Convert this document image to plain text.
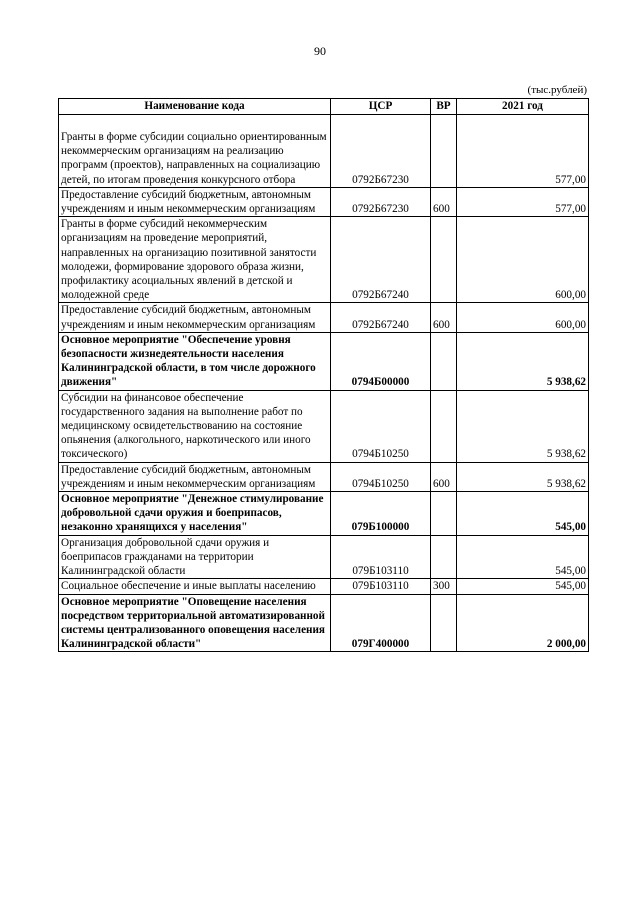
90
(тыс.рублей)
Наименование кода	ЦСР	ВР	2021 год
Гранты в форме субсидии социально ориентированным некоммерческим организациям на реализацию программ (проектов), направленных на социализацию детей, по итогам проведения конкурсного отбора	0792Б67230		577,00
Предоставление субсидий бюджетным, автономным учреждениям и иным некоммерческим организациям	0792Б67230	600	577,00
Гранты в форме субсидий некоммерческим организациям на проведение мероприятий, направленных на организацию позитивной занятости молодежи, формирование здорового образа жизни, профилактику асоциальных явлений в детской и молодежной среде	0792Б67240		600,00
Предоставление субсидий бюджетным, автономным учреждениям и иным некоммерческим организациям	0792Б67240	600	600,00
Основное мероприятие "Обеспечение уровня безопасности жизнедеятельности населения Калининградской области, в том числе дорожного движения"	0794Б00000		5 938,62
Субсидии на финансовое обеспечение государственного задания на выполнение работ по медицинскому освидетельствованию на состояние опьянения (алкогольного, наркотического или иного токсического)	0794Б10250		5 938,62
Предоставление субсидий бюджетным, автономным учреждениям и иным некоммерческим организациям	0794Б10250	600	5 938,62
Основное мероприятие "Денежное стимулирование добровольной сдачи оружия и боеприпасов, незаконно хранящихся у населения"	079Б100000		545,00
Организация добровольной сдачи оружия и боеприпасов гражданами на территории Калининградской области	079Б103110		545,00
Социальное обеспечение и иные выплаты населению	079Б103110	300	545,00
Основное мероприятие "Оповещение населения посредством территориальной автоматизированной системы централизованного оповещения населения Калининградской области"	079Г400000		2 000,00
